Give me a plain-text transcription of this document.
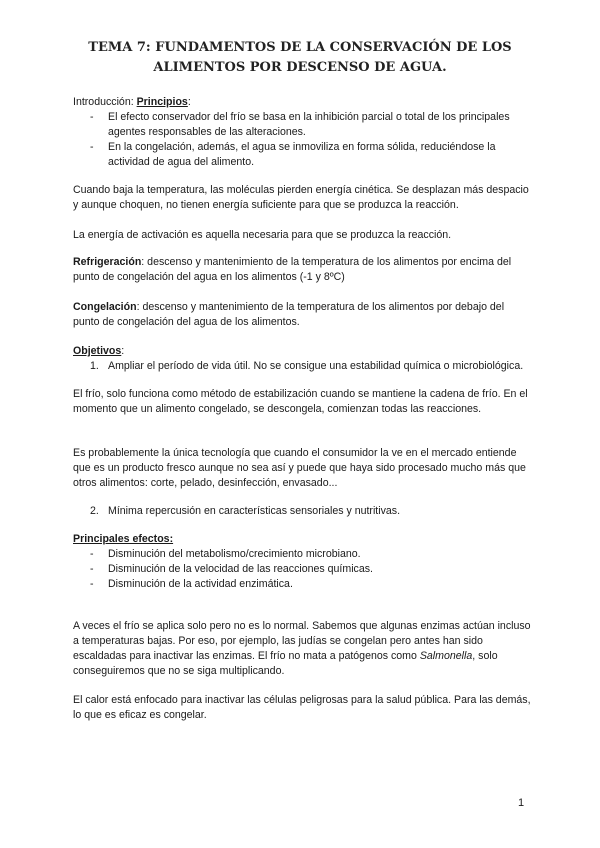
TEMA 7: FUNDAMENTOS DE LA CONSERVACIÓN DE LOS
ALIMENTOS POR DESCENSO DE AGUA.
Introducción: Principios:
- El efecto conservador del frío se basa en la inhibición parcial o total de los principales agentes responsables de las alteraciones.
- En la congelación, además, el agua se inmoviliza en forma sólida, reduciéndose la actividad de agua del alimento.
Cuando baja la temperatura, las moléculas pierden energía cinética. Se desplazan más despacio y aunque choquen, no tienen energía suficiente para que se produzca la reacción.
La energía de activación es aquella necesaria para que se produzca la reacción.
Refrigeración: descenso y mantenimiento de la temperatura de los alimentos por encima del punto de congelación del agua en los alimentos (-1 y 8ºC)
Congelación: descenso y mantenimiento de la temperatura de los alimentos por debajo del punto de congelación del agua de los alimentos.
Objetivos:
1. Ampliar el período de vida útil. No se consigue una estabilidad química o microbiológica.
El frío, solo funciona como método de estabilización cuando se mantiene la cadena de frío. En el momento que un alimento congelado, se descongela, comienzan todas las reacciones.
Es probablemente la única tecnología que cuando el consumidor la ve en el mercado entiende que es un producto fresco aunque no sea así y puede que haya sido procesado mucho más que otros alimentos: corte, pelado, desinfección, envasado...
2. Mínima repercusión en características sensoriales y nutritivas.
Principales efectos:
- Disminución del metabolismo/crecimiento microbiano.
- Disminución de la velocidad de las reacciones químicas.
- Disminución de la actividad enzimática.
A veces el frío se aplica solo pero no es lo normal. Sabemos que algunas enzimas actúan incluso a temperaturas bajas. Por eso, por ejemplo, las judías se congelan pero antes han sido escaldadas para inactivar las enzimas. El frío no mata a patógenos como Salmonella, solo conseguiremos que no se siga multiplicando.
El calor está enfocado para inactivar las células peligrosas para la salud pública. Para las demás, lo que es eficaz es congelar.
1
